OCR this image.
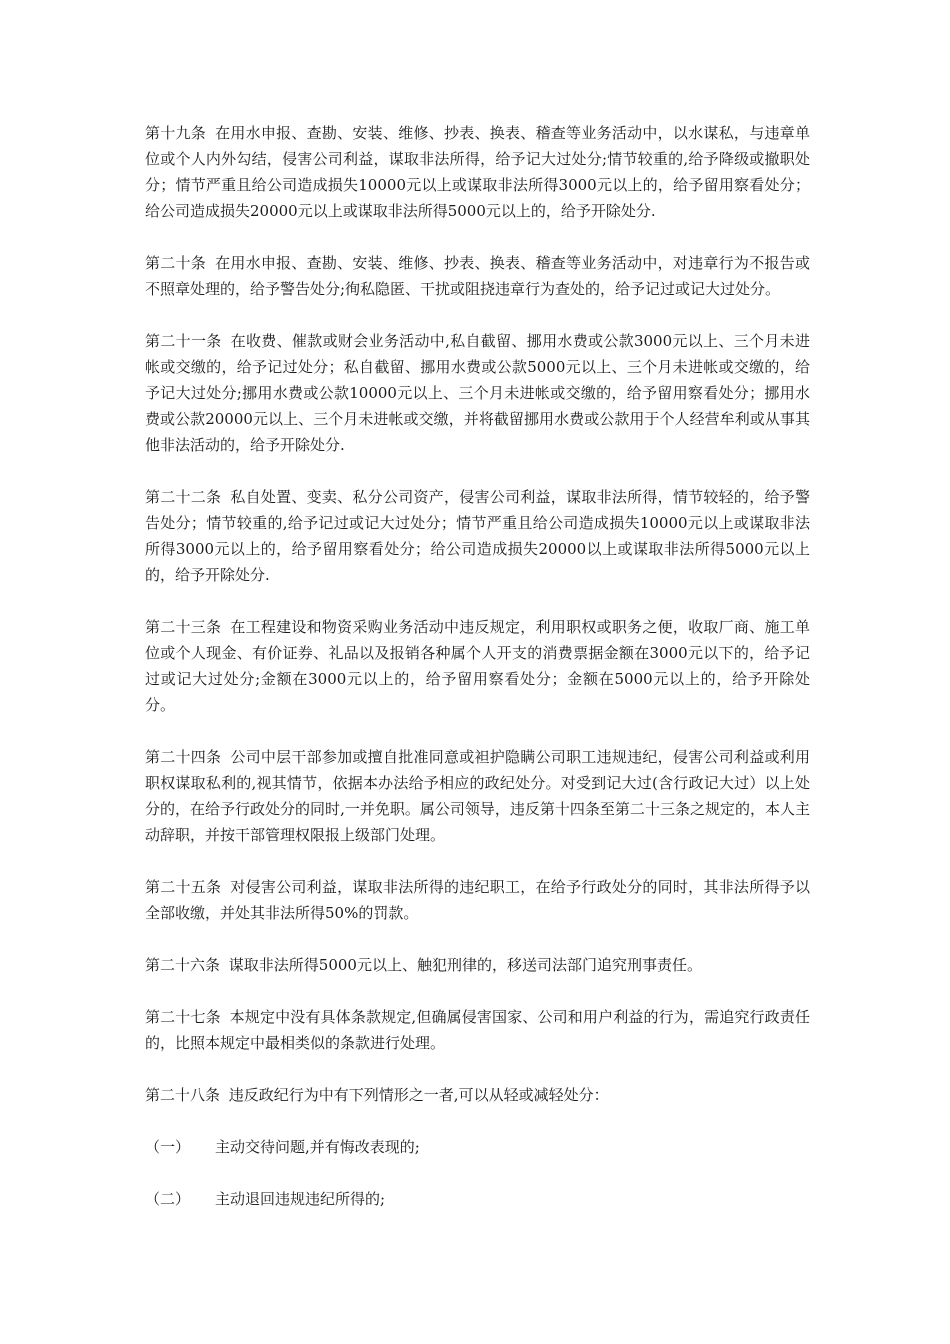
第十九条 在用水申报、查勘、安装、维修、抄表、换表、稽查等业务活动中，以水谋私，与违章单位或个人内外勾结，侵害公司利益，谋取非法所得，给予记大过处分;情节较重的,给予降级或撤职处分；情节严重且给公司造成损失10000元以上或谋取非法所得3000元以上的，给予留用察看处分；给公司造成损失20000元以上或谋取非法所得5000元以上的，给予开除处分.

第二十条 在用水申报、查勘、安装、维修、抄表、换表、稽查等业务活动中，对违章行为不报告或不照章处理的，给予警告处分;徇私隐匿、干扰或阻挠违章行为查处的，给予记过或记大过处分。

第二十一条 在收费、催款或财会业务活动中,私自截留、挪用水费或公款3000元以上、三个月未进帐或交缴的，给予记过处分；私自截留、挪用水费或公款5000元以上、三个月未进帐或交缴的，给予记大过处分;挪用水费或公款10000元以上、三个月未进帐或交缴的，给予留用察看处分；挪用水费或公款20000元以上、三个月未进帐或交缴，并将截留挪用水费或公款用于个人经营牟利或从事其他非法活动的，给予开除处分.

第二十二条 私自处置、变卖、私分公司资产，侵害公司利益，谋取非法所得，情节较轻的，给予警告处分；情节较重的,给予记过或记大过处分；情节严重且给公司造成损失10000元以上或谋取非法所得3000元以上的，给予留用察看处分；给公司造成损失20000以上或谋取非法所得5000元以上的，给予开除处分.

第二十三条 在工程建设和物资采购业务活动中违反规定，利用职权或职务之便，收取厂商、施工单位或个人现金、有价证券、礼品以及报销各种属个人开支的消费票据金额在3000元以下的，给予记过或记大过处分;金额在3000元以上的，给予留用察看处分；金额在5000元以上的，给予开除处分。

第二十四条 公司中层干部参加或擅自批准同意或袒护隐瞒公司职工违规违纪，侵害公司利益或利用职权谋取私利的,视其情节，依据本办法给予相应的政纪处分。对受到记大过(含行政记大过）以上处分的，在给予行政处分的同时,一并免职。属公司领导，违反第十四条至第二十三条之规定的，本人主动辞职，并按干部管理权限报上级部门处理。

第二十五条 对侵害公司利益，谋取非法所得的违纪职工，在给予行政处分的同时，其非法所得予以全部收缴，并处其非法所得50%的罚款。

第二十六条 谋取非法所得5000元以上、触犯刑律的，移送司法部门追究刑事责任。

第二十七条 本规定中没有具体条款规定,但确属侵害国家、公司和用户利益的行为，需追究行政责任的，比照本规定中最相类似的条款进行处理。

第二十八条 违反政纪行为中有下列情形之一者,可以从轻或减轻处分：

（一） 主动交待问题,并有悔改表现的;

（二） 主动退回违规违纪所得的;
